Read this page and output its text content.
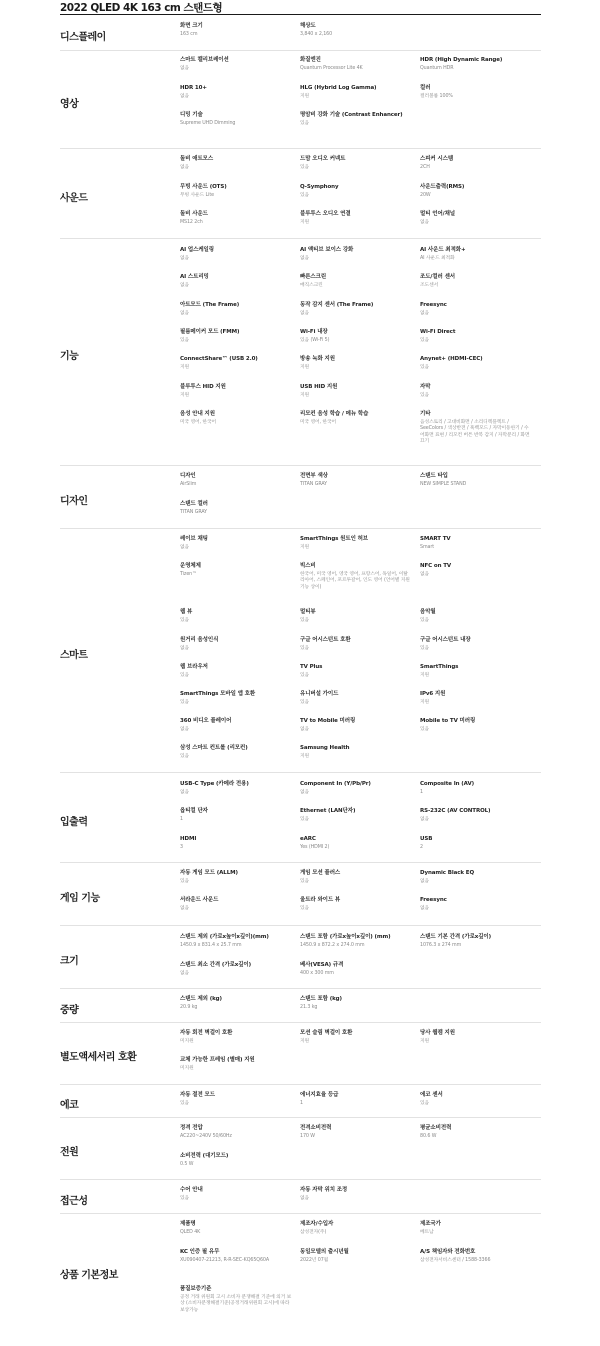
2022 QLED 4K 163 cm 스탠드형
디스플레이
화면 크기
163 cm
해상도
3,840 x 2,160
영상
스마트 캘리브레이션
없음
화질엔진
Quantum Processor Lite 4K
HDR (High Dynamic Range)
Quantum HDR
HDR 10+
없음
HLG (Hybrid Log Gamma)
지원
컬러
컬러볼륨 100%
디밍 기술
Supreme UHD Dimming
명암비 강화 기술 (Contrast Enhancer)
있음
사운드
돌비 애트모스
없음
드맘 오디오 커넥트
있음
스피커 시스템
2CH
무빙 사운드 (OTS)
무빙 사운드 Lite
Q-Symphony
있음
사운드출력(RMS)
20W
돌비 사운드
MS12 2ch
블루투스 오디오 연결
지원
멀티 언어/채널
없음
기능
AI 업스케일링
없음
AI 액티브 보이스 강화
없음
AI 사운드 최적화+
AI 사운드 최적화
AI 스트리밍
없음
빠른스크린
매직스크린
조도/컬러 센서
조도센서
아트모드 (The Frame)
없음
동작 감지 센서 (The Frame)
없음
Freesync
없음
필름메이커 모드 (FMM)
있음
Wi-Fi 내장
있음 (Wi-Fi 5)
Wi-Fi Direct
있음
ConnectShare™ (USB 2.0)
지원
방송 녹화 지원
지원
Anynet+ (HDMI-CEC)
있음
블루투스 HID 지원
지원
USB HID 지원
지원
자막
있음
음성 안내 지원
미국 영어, 한국어
리모컨 음성 학습 / 메뉴 학습
미국 영어, 한국어
기타
음성스토리 / 고대비화면 / 소리디렉플렉트 / SeeColors / 색상반전 / 흑백모드 / 자막이동한기 / 수어화면 표현 / 리모컨 버튼 반복 감지 / 자막분리 / 화면끄기
디자인
디자인
AirSlim
전면부 색상
TITAN GRAY
스탠드 타입
NEW SIMPLE STAND
스탠드 컬러
TITAN GRAY
스마트
레이브 채팅
없음
SmartThings 원트인 허브
지원
SMART TV
Smart
운영체제
Tizen™
빅스비
한국어, 미국 영어, 영국 영어, 프랑스어, 독일어, 이탈리아어, 스페인어, 포르투갈어, 인도 영어 (언어별 지원 기능 상이)
NFC on TV
없음
웹 뷰
있음
멀티뷰
있음
음악월
있음
원거리 음성인식
없음
구글 어시스턴트 호환
있음
구글 어시스턴트 내장
있음
웹 브라우저
있음
TV Plus
있음
SmartThings
지원
SmartThings 모바일 앱 호환
있음
유니버설 가이드
있음
IPv6 지원
지원
360 비디오 플레이어
없음
TV to Mobile 미러링
없음
Mobile to TV 미러링
있음
삼성 스마트 컨트롤 (리모컨)
있음
Samsung Health
지원
입출력
USB-C Type (카메라 전용)
없음
Component In (Y/Pb/Pr)
없음
Composite In (AV)
1
옵티컬 단자
1
Ethernet (LAN단자)
있음
RS-232C (AV CONTROL)
없음
HDMI
3
eARC
Yes (HDMI 2)
USB
2
게임 기능
자동 게임 모드 (ALLM)
있음
게임 모션 플러스
있음
Dynamic Black EQ
없음
서라운드 사운드
없음
울트라 와이드 뷰
있음
Freesync
없음
크기
스탠드 제외 (가로x높이x깊이)(mm)
1450.9 x 831.4 x 25.7 mm
스탠드 포함 (가로x높이x깊이) (mm)
1450.9 x 872.2 x 274.0 mm
스탠드 기본 간격 (가로x깊이)
1076.3 x 274 mm
스탠드 최소 간격 (가로x깊이)
없음
베사(VESA) 규격
400 x 300 mm
중량
스탠드 제외 (kg)
20.9 kg
스탠드 포함 (kg)
21.3 kg
별도액세서리 호환
자동 회전 벽걸이 호환
미지원
모션 슬림 벽걸이 호환
지원
당사 웹캠 지원
지원
교체 가능한 프레임 (별매) 지원
미지원
에코
자동 절전 모드
있음
에너지효율 등급
1
에코 센서
있음
전원
정격 전압
AC220~240V 50/60Hz
전격소비전력
170 W
평균소비전력
80.6 W
소비전력 (대기모드)
0.5 W
접근성
수어 안내
있음
자동 자막 위치 조정
없음
상품 기본정보
제품명
QLED 4K
제조자/수입자
삼성전자(주)
제조국가
베트남
KC 인증 필 유무
XU090407-21213, R-R-SEC-KQ65Q60A
동일모델의 출시년월
2022년 07월
A/S 책임자와 전화번호
삼성전자서비스센터 / 1588-3366
품질보증기준
공정 거래 위원회 고시 소비자 분쟁해결 기준에 의거 보상 (소비자분쟁해결기준(공정거래위원회 고시)에 따라 보상가능
